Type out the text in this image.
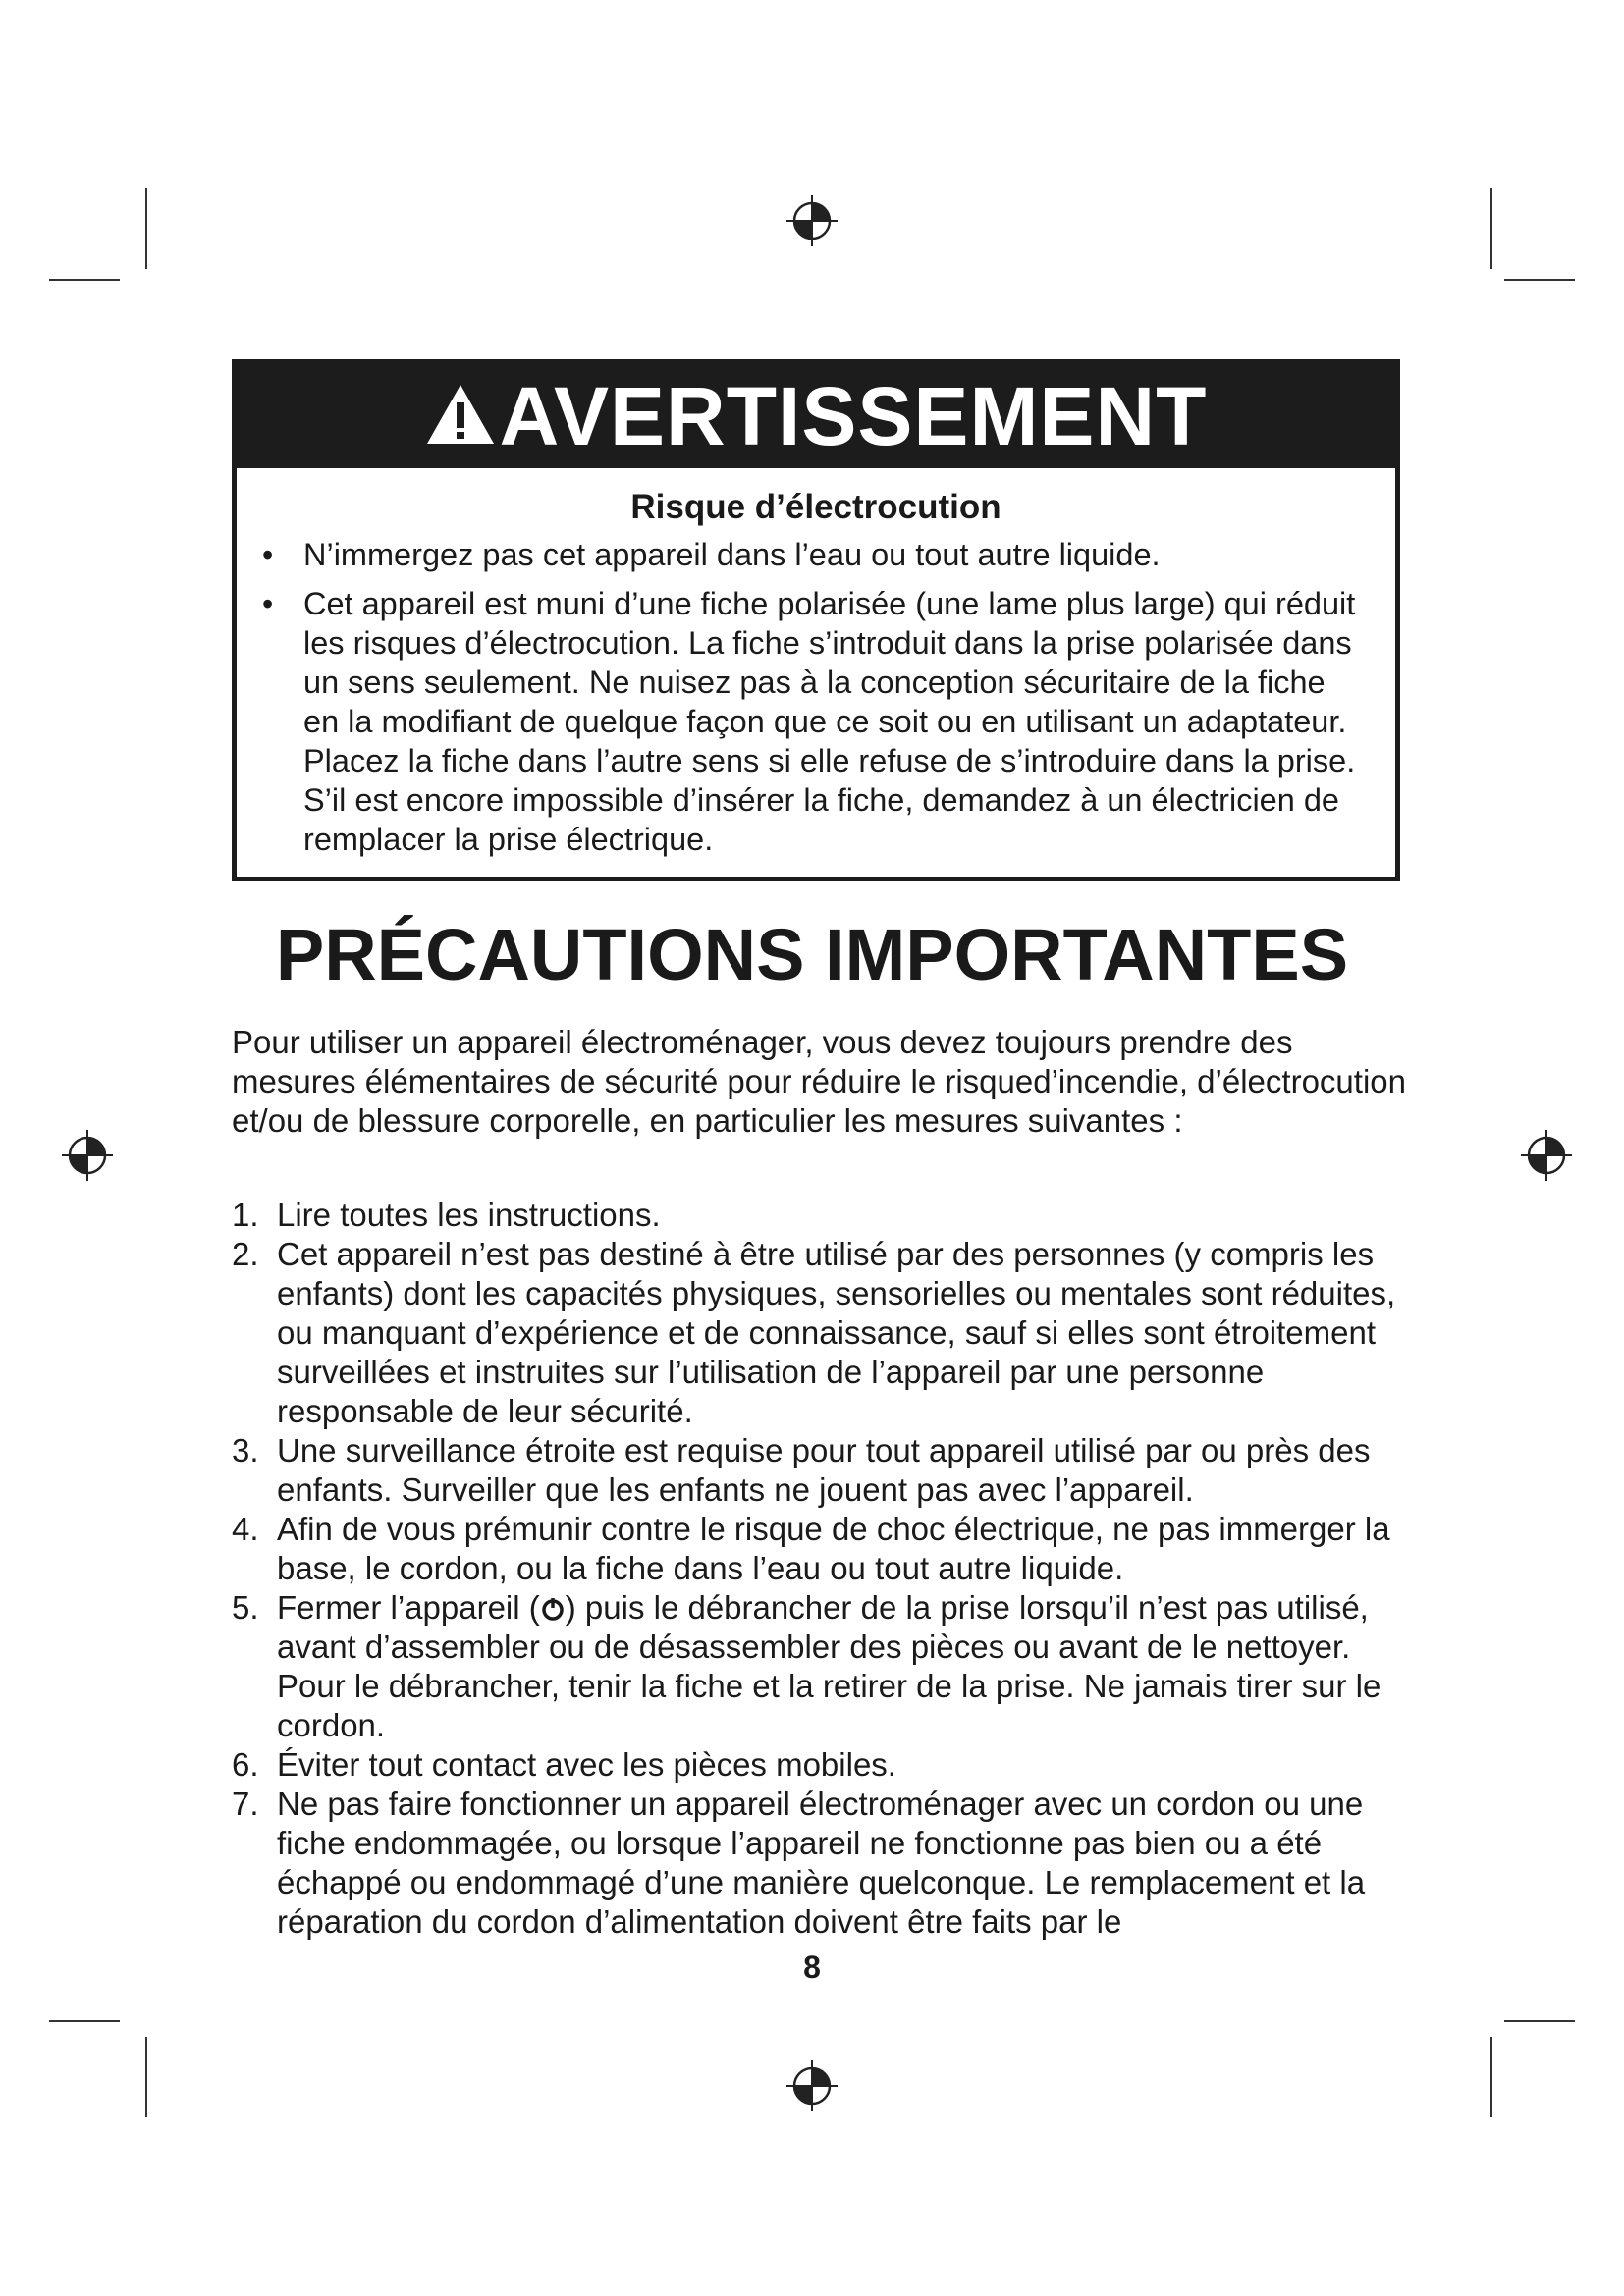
AVERTISSEMENT
Risque d’électrocution
• N’immergez pas cet appareil dans l’eau ou tout autre liquide.
• Cet appareil est muni d’une fiche polarisée (une lame plus large) qui réduit les risques d’électrocution. La fiche s’introduit dans la prise polarisée dans un sens seulement. Ne nuisez pas à la conception sécuritaire de la fiche en la modifiant de quelque façon que ce soit ou en utilisant un adaptateur. Placez la fiche dans l’autre sens si elle refuse de s’introduire dans la prise. S’il est encore impossible d’insérer la fiche, demandez à un électricien de remplacer la prise électrique.
PRÉCAUTIONS IMPORTANTES

Pour utiliser un appareil électroménager, vous devez toujours prendre des mesures élémentaires de sécurité pour réduire le risqued’incendie, d’électrocution et/ou de blessure corporelle, en particulier les mesures suivantes :

1. Lire toutes les instructions.
2. Cet appareil n’est pas destiné à être utilisé par des personnes (y compris les enfants) dont les capacités physiques, sensorielles ou mentales sont réduites, ou manquant d’expérience et de connaissance, sauf si elles sont étroitement surveillées et instruites sur l’utilisation de l’appareil par une personne responsable de leur sécurité.
3. Une surveillance étroite est requise pour tout appareil utilisé par ou près des enfants. Surveiller que les enfants ne jouent pas avec l’appareil.
4. Afin de vous prémunir contre le risque de choc électrique, ne pas immerger la base, le cordon, ou la fiche dans l’eau ou tout autre liquide.
5. Fermer l’appareil ( ) puis le débrancher de la prise lorsqu’il n’est pas utilisé, avant d’assembler ou de désassembler des pièces ou avant de le nettoyer. Pour le débrancher, tenir la fiche et la retirer de la prise. Ne jamais tirer sur le cordon.
6. Éviter tout contact avec les pièces mobiles.
7. Ne pas faire fonctionner un appareil électroménager avec un cordon ou une fiche endommagée, ou lorsque l’appareil ne fonctionne pas bien ou a été échappé ou endommagé d’une manière quelconque. Le remplacement et la réparation du cordon d’alimentation doivent être faits par le
8
